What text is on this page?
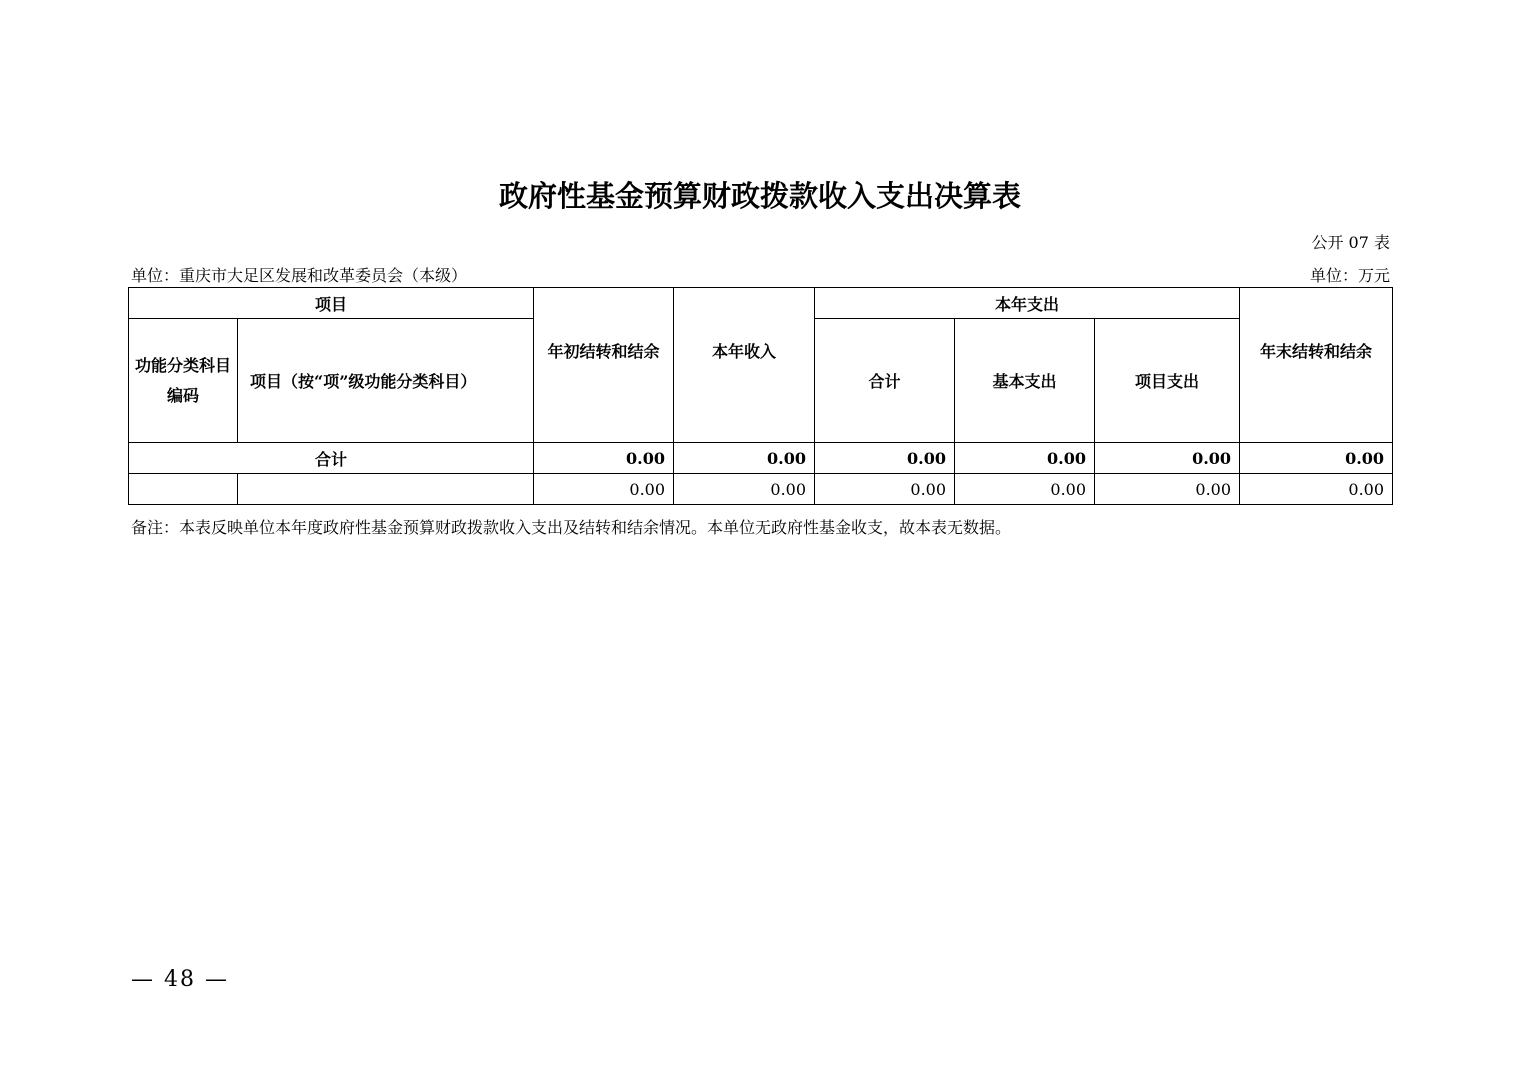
政府性基金预算财政拨款收入支出决算表
公开 07 表
单位：重庆市大足区发展和改革委员会（本级）	单位：万元
项目		年初结转和结余	本年收入	本年支出			年末结转和结余
功能分类科目编码	项目（按“项”级功能分类科目）			合计	基本支出	项目支出	
合计		0.00	0.00	0.00	0.00	0.00	0.00
		0.00	0.00	0.00	0.00	0.00	0.00
备注：本表反映单位本年度政府性基金预算财政拨款收入支出及结转和结余情况。本单位无政府性基金收支，故本表无数据。
— 48 —
